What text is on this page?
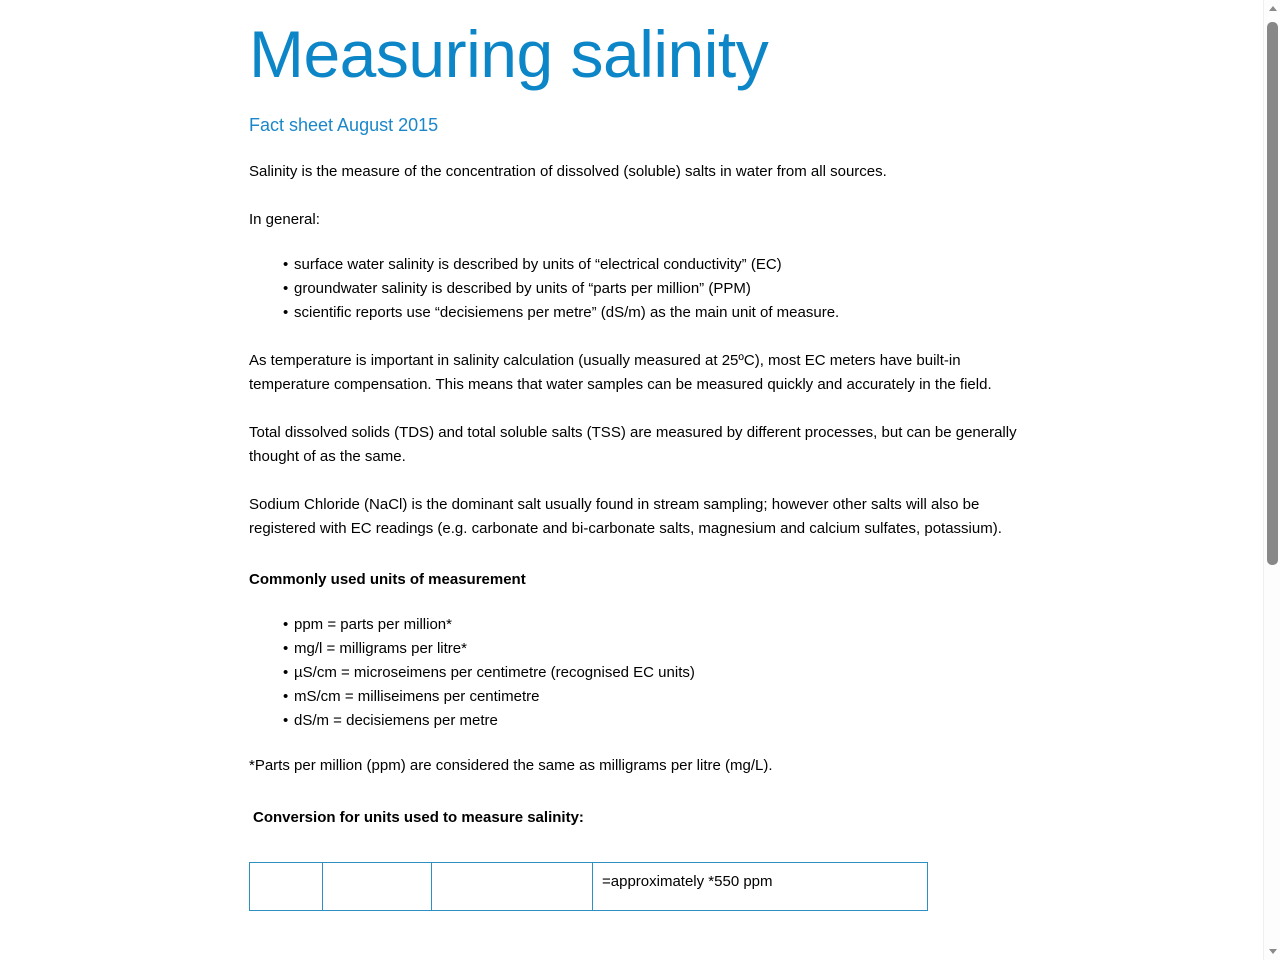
Measuring salinity
Fact sheet August 2015

Salinity is the measure of the concentration of dissolved (soluble) salts in water from all sources.

In general:

• surface water salinity is described by units of “electrical conductivity” (EC)
• groundwater salinity is described by units of “parts per million” (PPM)
• scientific reports use “decisiemens per metre” (dS/m) as the main unit of measure.

As temperature is important in salinity calculation (usually measured at 25ºC), most EC meters have built-in temperature compensation. This means that water samples can be measured quickly and accurately in the field.

Total dissolved solids (TDS) and total soluble salts (TSS) are measured by different processes, but can be generally thought of as the same.

Sodium Chloride (NaCl) is the dominant salt usually found in stream sampling; however other salts will also be registered with EC readings (e.g. carbonate and bi-carbonate salts, magnesium and calcium sulfates, potassium).

Commonly used units of measurement
• ppm = parts per million*
• mg/l = milligrams per litre*
• µS/cm = microseimens per centimetre (recognised EC units)
• mS/cm = milliseimens per centimetre
• dS/m = decisiemens per metre

*Parts per million (ppm) are considered the same as milligrams per litre (mg/L).

Conversion for units used to measure salinity:
			=approximately *550 ppm
